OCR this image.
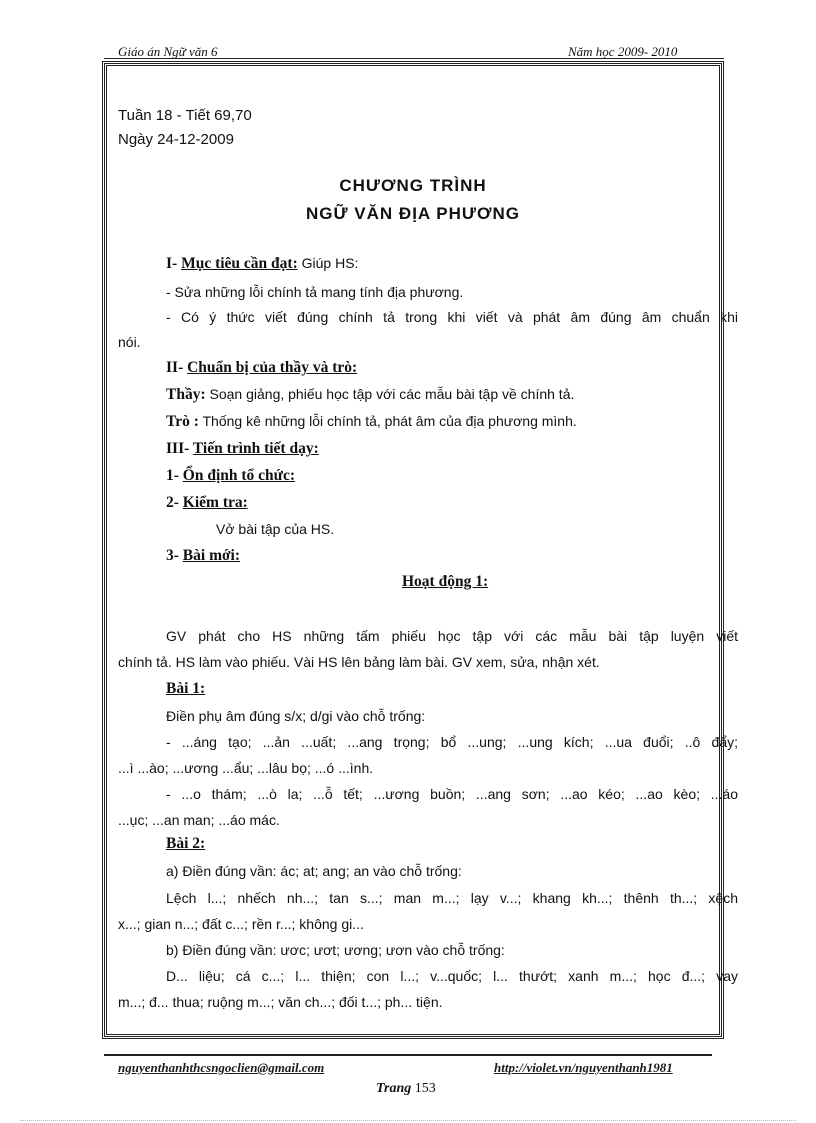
Giáo án Ngữ văn 6	Năm học 2009- 2010
Tuần 18 - Tiết 69,70
Ngày 24-12-2009
CHƯƠNG TRÌNH
NGỮ VĂN ĐỊA PHƯƠNG
I- Mục tiêu cần đạt: Giúp HS:
- Sửa những lỗi chính tả mang tính địa phương.
- Có ý thức viết đúng chính tả trong khi viết và phát âm đúng âm chuẩn khi
nói.
II- Chuẩn bị của thầy và trò:
Thầy: Soạn giảng, phiếu học tập với các mẫu bài tập về chính tả.
Trò : Thống kê những lỗi chính tả, phát âm của địa phương mình.
III- Tiến trình tiết dạy:
1- Ổn định tổ chức:
2- Kiểm tra:
Vở bài tập của HS.
3- Bài mới:
Hoạt động 1:
GV phát cho HS những tấm phiếu học tập với các mẫu bài tập luyện viết
chính tả. HS làm vào phiếu. Vài HS lên bảng làm bài. GV xem, sửa, nhận xét.
Bài 1:
Điền phụ âm đúng s/x; d/gi vào chỗ trống:
- ...áng tạo; ...ản ...uất; ...ang trọng; bổ ...ung; ...ung kích; ...ua đuổi; ..ô đẩy;
...ì ...ào; ...ương ...ẩu; ...lâu bọ; ...ó ...ình.
- ...o thám; ...ò la; ...ỗ tết; ...ương buồn; ...ang sơn; ...ao kéo; ...ao kèo; ...áo
...ục; ...an man; ...áo mác.
Bài 2:
a) Điền đúng vần: ác; at; ang; an vào chỗ trống:
Lệch l...; nhếch nh...; tan s...; man m...; lạy v...; khang kh...; thênh th...; xệch
x...; gian n...; đất c...; rền r...; không gi...
b) Điền đúng vần: ươc; ươt; ương; ươn vào chỗ trống:
D... liệu; cá c...; l... thiện; con l...; v...quốc; l... thướt; xanh m...; học đ...; vay
m...; đ... thua; ruộng m...; văn ch...; đối t...; ph... tiện.
nguyenthanhthcsngoclien@gmail.com	http://violet.vn/nguyenthanh1981
Trang 153
